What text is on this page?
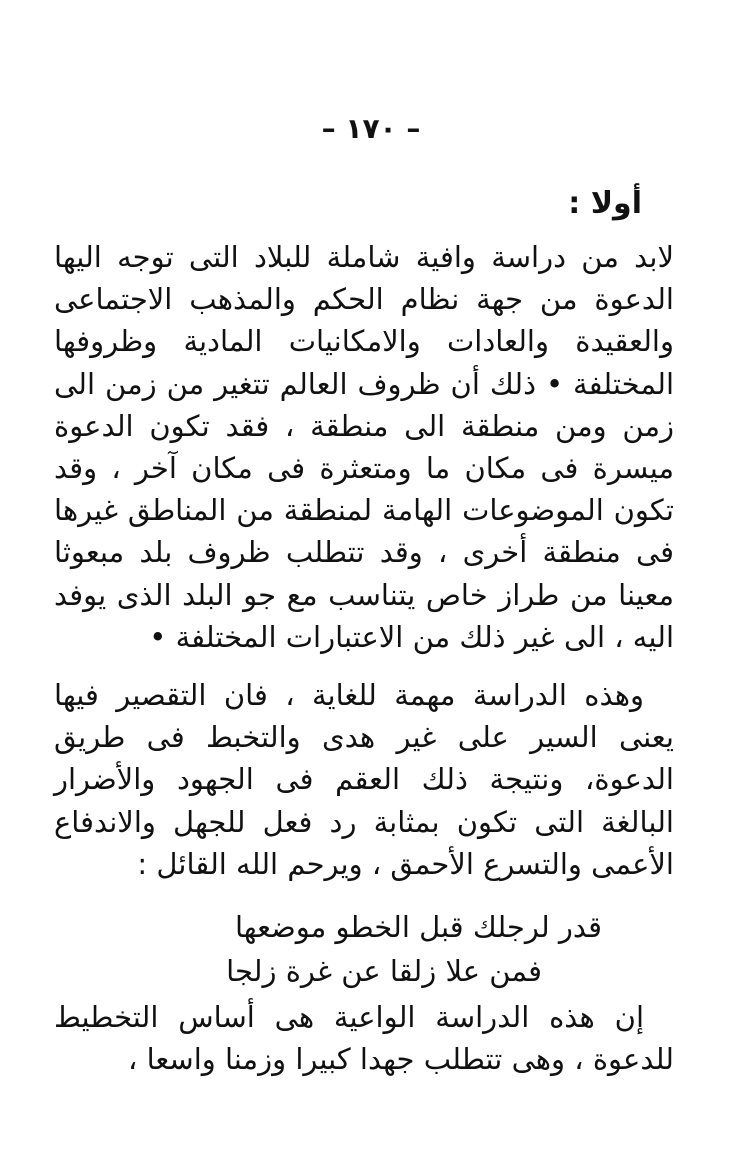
– ١٧٠ –
أولا :

لابد من دراسة وافية شاملة للبلاد التى توجه اليها الدعوة من جهة نظام الحكم والمذهب الاجتماعى والعقيدة والعادات والامكانيات المادية وظروفها المختلفة • ذلك أن ظروف العالم تتغير من زمن الى زمن ومن منطقة الى منطقة ، فقد تكون الدعوة ميسرة فى مكان ما ومتعثرة فى مكان آخر ، وقد تكون الموضوعات الهامة لمنطقة من المناطق غيرها فى منطقة أخرى ، وقد تتطلب ظروف بلد مبعوثا معينا من طراز خاص يتناسب مع جو البلد الذى يوفد اليه ، الى غير ذلك من الاعتبارات المختلفة •

وهذه الدراسة مهمة للغاية ، فان التقصير فيها يعنى السير على غير هدى والتخبط فى طريق الدعوة، ونتيجة ذلك العقم فى الجهود والأضرار البالغة التى تكون بمثابة رد فعل للجهل والاندفاع الأعمى والتسرع الأحمق ، ويرحم الله القائل :

قدر لرجلك قبل الخطو موضعها
فمن علا زلقا عن غرة زلجا

إن هذه الدراسة الواعية هى أساس التخطيط للدعوة ، وهى تتطلب جهدا كبيرا وزمنا واسعا ،
